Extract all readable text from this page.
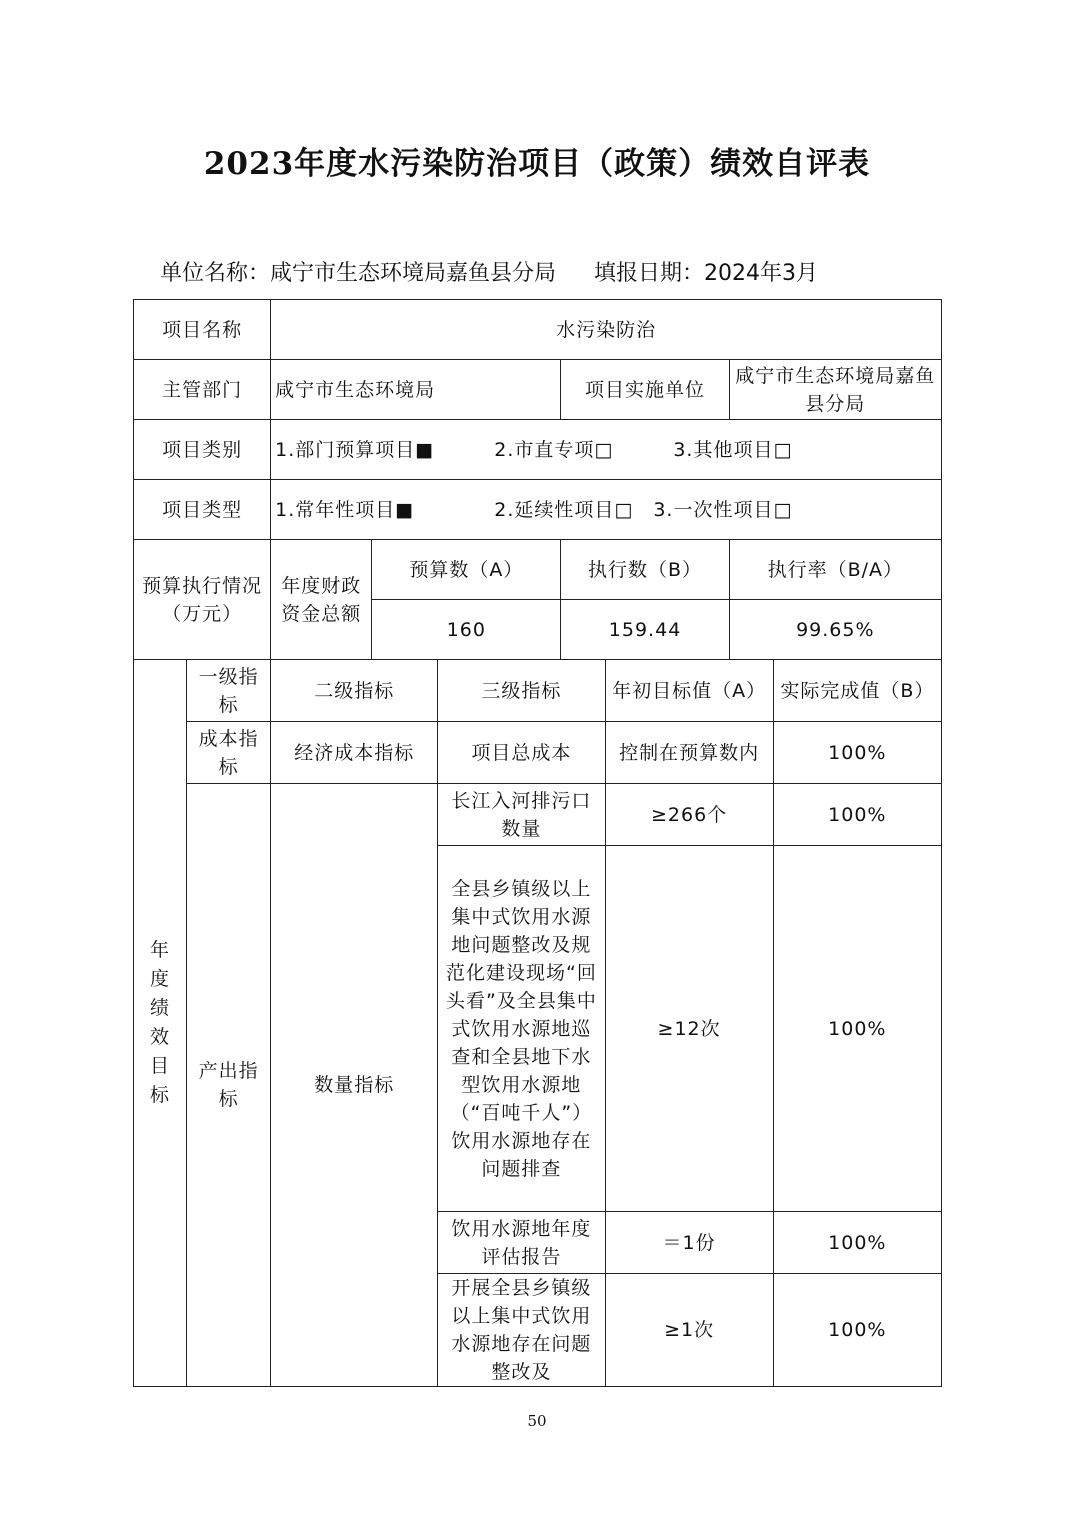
2023年度水污染防治项目（政策）绩效自评表
单位名称：咸宁市生态环境局嘉鱼县分局 填报日期：2024年3月
项目名称		水污染防治						
主管部门		咸宁市生态环境局			项目实施单位		咸宁市生态环境局嘉鱼县分局	
项目类别		1.部门预算项目■　　　2.市直专项□　　　3.其他项目□						
项目类型		1.常年性项目■　　　　2.延续性项目□　3.一次性项目□						
预算执行情况（万元）		年度财政资金总额	预算数（A）		执行数（B）		执行率（B/A）	
			160		159.44		99.65%	

年度绩效目标	一级指标	二级指标		三级指标		年初目标值（A）		实际完成值（B）
	成本指标	经济成本指标		项目总成本		控制在预算数内		100%
	产出指标	数量指标		长江入河排污口数量		≥266个		100%
				全县乡镇级以上集中式饮用水源地问题整改及规范化建设现场“回头看”及全县集中式饮用水源地巡查和全县地下水型饮用水源地（“百吨千人”）饮用水源地存在问题排查		≥12次		100%
				饮用水源地年度评估报告		＝1份		100%
				开展全县乡镇级以上集中式饮用水源地存在问题整改及		≥1次		100%
50
